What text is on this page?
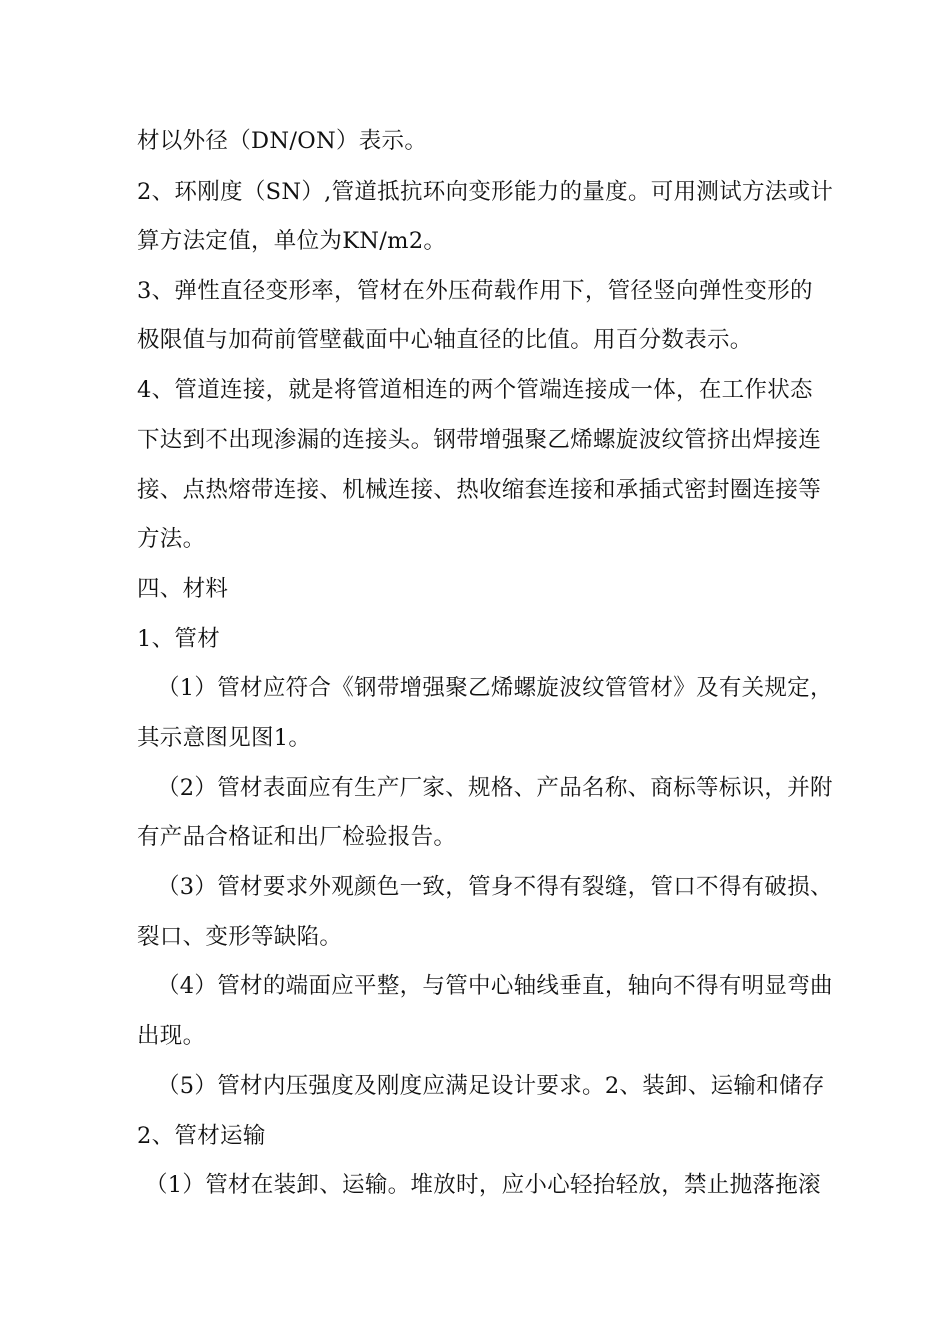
材以外径（DN/ON）表示。
2、环刚度（SN）,管道抵抗环向变形能力的量度。可用测试方法或计
算方法定值，单位为KN/m2。
3、弹性直径变形率，管材在外压荷载作用下，管径竖向弹性变形的
极限值与加荷前管壁截面中心轴直径的比值。用百分数表示。
4、管道连接，就是将管道相连的两个管端连接成一体，在工作状态
下达到不出现渗漏的连接头。钢带增强聚乙烯螺旋波纹管挤出焊接连
接、点热熔带连接、机械连接、热收缩套连接和承插式密封圈连接等
方法。
四、材料
1、管材
（1）管材应符合《钢带增强聚乙烯螺旋波纹管管材》及有关规定，
其示意图见图1。
（2）管材表面应有生产厂家、规格、产品名称、商标等标识，并附
有产品合格证和出厂检验报告。
（3）管材要求外观颜色一致，管身不得有裂缝，管口不得有破损、
裂口、变形等缺陷。
（4）管材的端面应平整，与管中心轴线垂直，轴向不得有明显弯曲
出现。
（5）管材内压强度及刚度应满足设计要求。2、装卸、运输和储存
2、管材运输
（1）管材在装卸、运输。堆放时，应小心轻抬轻放，禁止抛落拖滚
